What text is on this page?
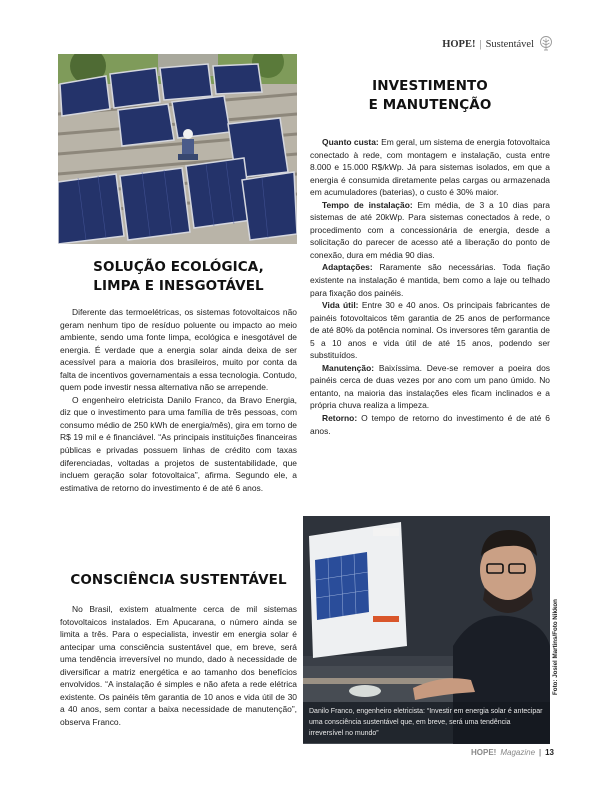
HOPE! | Sustentável
SOLUÇÃO ECOLÓGICA,
LIMPA E INESGOTÁVEL

Diferente das termoelétricas, os sistemas fotovoltaicos não geram nenhum tipo de resíduo poluente ou impacto ao meio ambiente, sendo uma fonte limpa, ecológica e inesgotável de energia. É verdade que a energia solar ainda deixa de ser acessível para a maioria dos brasileiros, muito por conta da falta de incentivos governamentais a essa tecnologia. Contudo, quem pode investir nessa alternativa não se arrepende.

O engenheiro eletricista Danilo Franco, da Bravo Energia, diz que o investimento para uma família de três pessoas, com consumo médio de 250 kWh de energia/mês), gira em torno de R$ 19 mil e é financiável. “As principais instituições financeiras públicas e privadas possuem linhas de crédito com taxas diferenciadas, voltadas a projetos de sustentabilidade, que incluem geração solar fotovoltaica”, afirma. Segundo ele, a estimativa de retorno do investimento é de até 6 anos.

CONSCIÊNCIA SUSTENTÁVEL

No Brasil, existem atualmente cerca de mil sistemas fotovoltaicos instalados. Em Apucarana, o número ainda se limita a três. Para o especialista, investir em energia solar é antecipar uma consciência sustentável que, em breve, será uma tendência irreversível no mundo, dado à necessidade de diversificar a matriz energética e ao tamanho dos benefícios envolvidos. “A instalação é simples e não afeta a rede elétrica existente. Os painéis têm garantia de 10 anos e vida útil de 30 a 40 anos, sem contar a baixa necessidade de manutenção”, observa Franco.

INVESTIMENTO
E MANUTENÇÃO

Quanto custa: Em geral, um sistema de energia fotovoltaica conectado à rede, com montagem e instalação, custa entre 8.000 e 15.000 R$/kWp. Já para sistemas isolados, em que a energia é consumida diretamente pelas cargas ou armazenada em acumuladores (baterias), o custo é 30% maior.

Tempo de instalação: Em média, de 3 a 10 dias para sistemas de até 20kWp. Para sistemas conectados à rede, o procedimento com a concessionária de energia, desde a solicitação do parecer de acesso até a liberação do ponto de conexão, dura em média 90 dias.

Adaptações: Raramente são necessárias. Toda fiação existente na instalação é mantida, bem como a laje ou telhado para fixação dos painéis.

Vida útil: Entre 30 e 40 anos. Os principais fabricantes de painéis fotovoltaicos têm garantia de 25 anos de performance de até 80% da potência nominal. Os inversores têm garantia de 5 a 10 anos e vida útil de até 15 anos, podendo ser substituídos.

Manutenção: Baixíssima. Deve-se remover a poeira dos painéis cerca de duas vezes por ano com um pano úmido. No entanto, na maioria das instalações eles ficam inclinados e a própria chuva realiza a limpeza.

Retorno: O tempo de retorno do investimento é de até 6 anos.

Danilo Franco, engenheiro eletricista: “Investir em energia solar é antecipar uma consciência sustentável que, em breve, será uma tendência irreversível no mundo”
Foto: Josiel Martins/Foto Nikkon
HOPE! Magazine | 13
